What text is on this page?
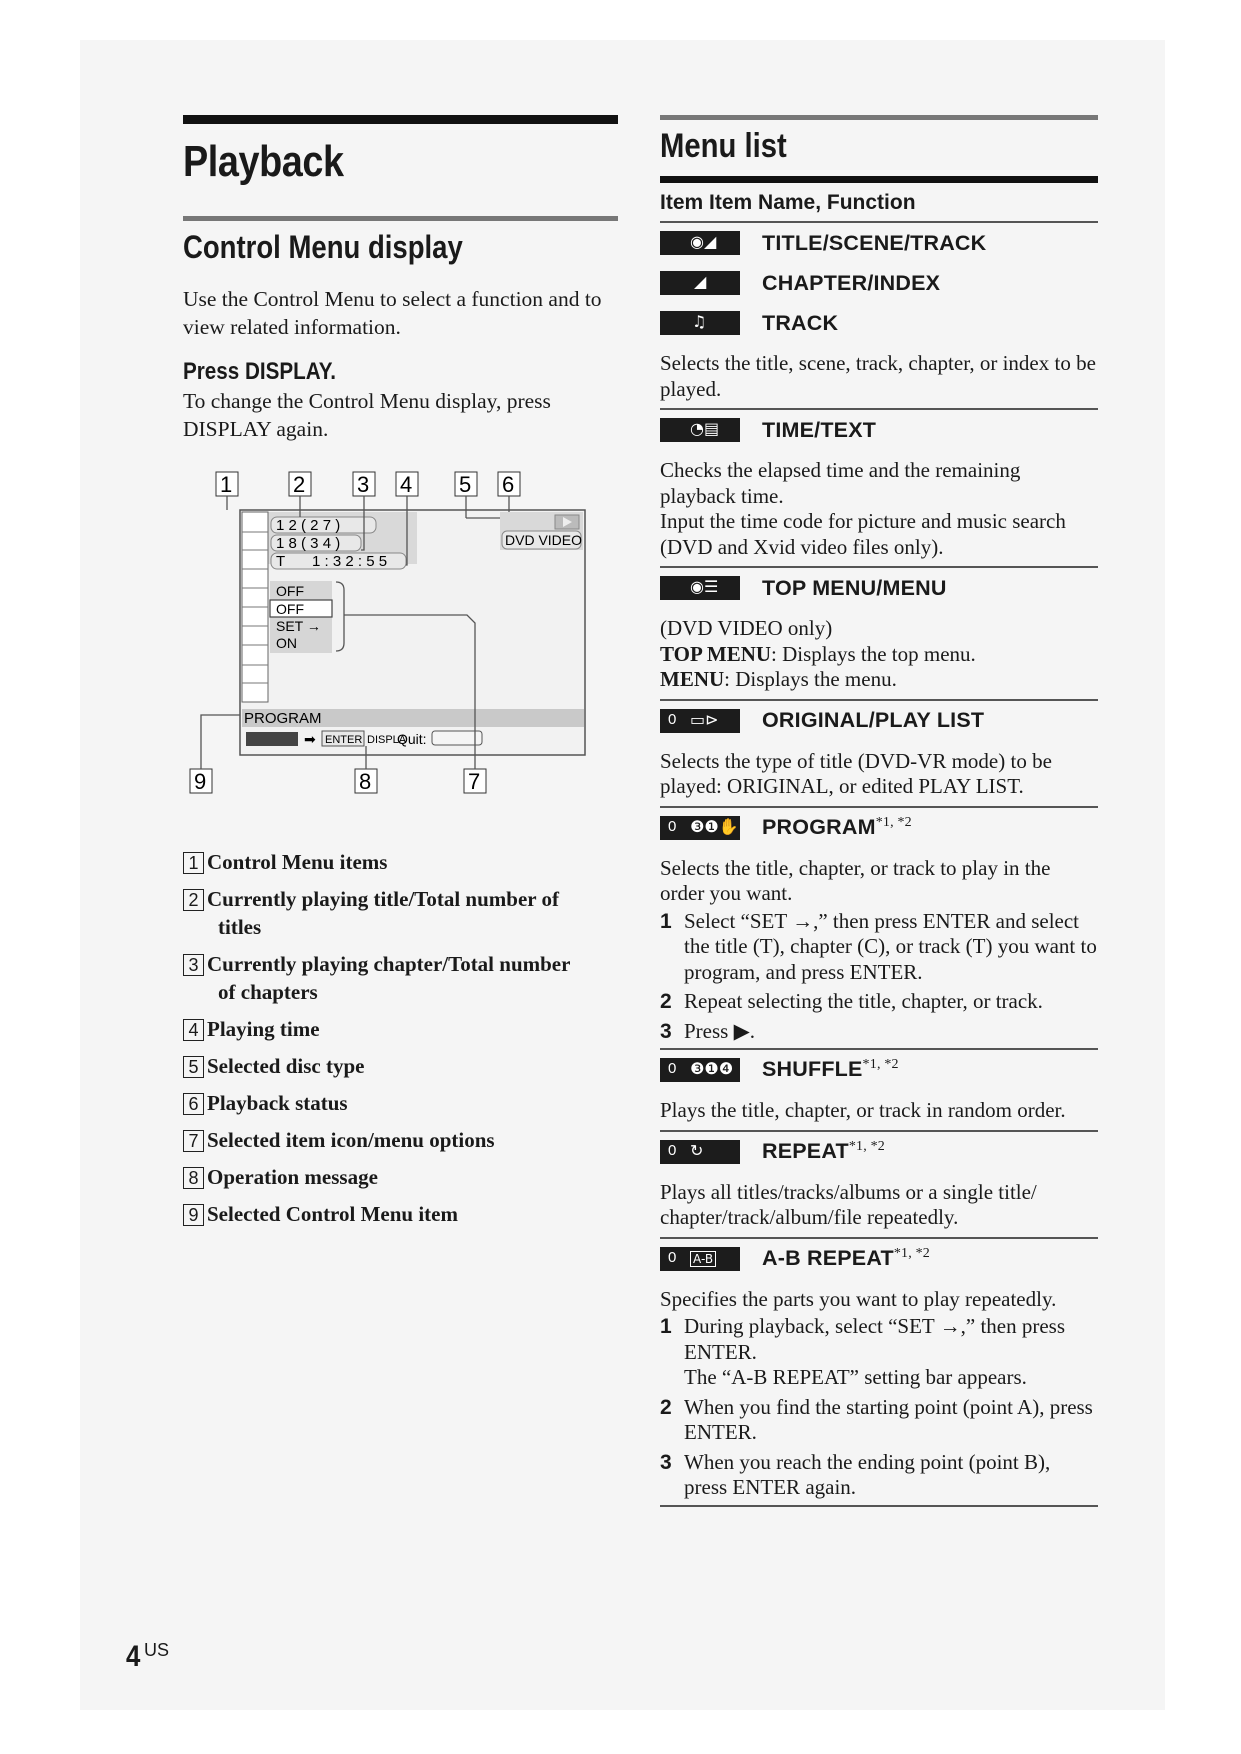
Playback
Control Menu display

Use the Control Menu to select a function and to view related information.

Press DISPLAY.

To change the Control Menu display, press DISPLAY again.

1 2 ( 2 7 )
1 8 ( 3 4 )
T 1 : 3 2 : 5 5
DVD VIDEO
OFF
OFF
SET →
ON
PROGRAM
➡ ENTER DISPLA
Quit:
1	2 3 4 5 6
7
8
9
1 Control Menu items
2 Currently playing title/Total number of
titles
3 Currently playing chapter/Total number
of chapters
4 Playing time
5 Selected disc type
6 Playback status
7 Selected item icon/menu options
8 Operation message
9 Selected Control Menu item
Menu list
Item Item Name, Function
◉◢ TITLE/SCENE/TRACK
◢	CHAPTER/INDEX
♫	TRACK

Selects the title, scene, track, chapter, or index to be played.

◔▤ TIME/TEXT

Checks the elapsed time and the remaining playback time.

Input the time code for picture and music search (DVD and Xvid video files only).

◉☰ TOP MENU/MENU

(DVD VIDEO only)
TOP MENU: Displays the top menu.
MENU: Displays the menu.

0 ▭⊳ ORIGINAL/PLAY LIST

Selects the type of title (DVD-VR mode) to be played: ORIGINAL, or edited PLAY LIST.

0 ❸❶✋ $PROGRAM^{*1, *2}$

Selects the title, chapter, or track to play in the order you want.

1 Select “SET →,” then press ENTER and select the title (T), chapter (C), or track (T) you want to program, and press ENTER.
2 Repeat selecting the title, chapter, or track.
3 Press ▶.
0 ❸❶❹ $SHUFFLE^{*1, *2}$

Plays the title, chapter, or track in random order.

0 ↻	$REPEAT^{*1, *2}$

Plays all titles/tracks/albums or a single title/ chapter/track/album/file repeatedly.

0 A-B A-B $REPEAT^{*1, *2}$

Specifies the parts you want to play repeatedly.

1 During playback, select “SET →,” then press ENTER.
The “A-B REPEAT” setting bar appears.
2 When you find the starting point (point A), press ENTER.
3 When you reach the ending point (point B), press ENTER again.
4 US
